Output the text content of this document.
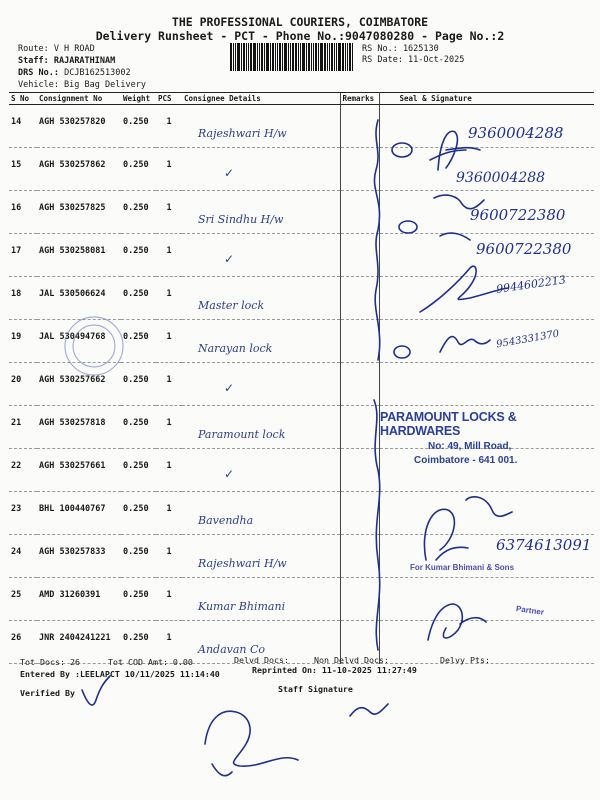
THE PROFESSIONAL COURIERS, COIMBATORE
Delivery Runsheet - PCT - Phone No.:9047080280 - Page No.:2
Route: V H ROAD
Staff: RAJARATHINAM
DRS No.: DCJB162513002
Vehicle: Big Bag Delivery
RS No.: 1625130
RS Date: 11-Oct-2025
S No	Consignment No	Weight	PCS	Consignee Details	Remarks	Seal & Signature
14	AGH 530257820	0.250	1	Rajeshwari H/w		
15	AGH 530257862	0.250	1	✓		
16	AGH 530257825	0.250	1	Sri Sindhu H/w		
17	AGH 530258081	0.250	1	✓		
18	JAL 530506624	0.250	1	Master lock		
19	JAL 530494768	0.250	1	Narayan lock		
20	AGH 530257662	0.250	1	✓		
21	AGH 530257818	0.250	1	Paramount lock		
22	AGH 530257661	0.250	1	✓		
23	BHL 100440767	0.250	1	Bavendha		
24	AGH 530257833	0.250	1	Rajeshwari H/w		
25	AMD 31260391	0.250	1	Kumar Bhimani		
26	JNR 2404241221	0.250	1	Andavan Co		
9360004288
9360004288
9600722380
9600722380
9944602213
9543331370
6374613091
PARAMOUNT LOCKS & HARDWARES
No: 49, Mill Road,
Coimbatore - 641 001.
For Kumar Bhimani & Sons
Partner
Tot Docs: 26	Tot COD Amt: 0.00	Delvd Docs:	Non Delvd Docs:	Delvy Pts:
Entered By :LEELAPCT 10/11/2025 11:14:40	Reprinted On: 11-10-2025 11:27:49
Verified By	Staff Signature
